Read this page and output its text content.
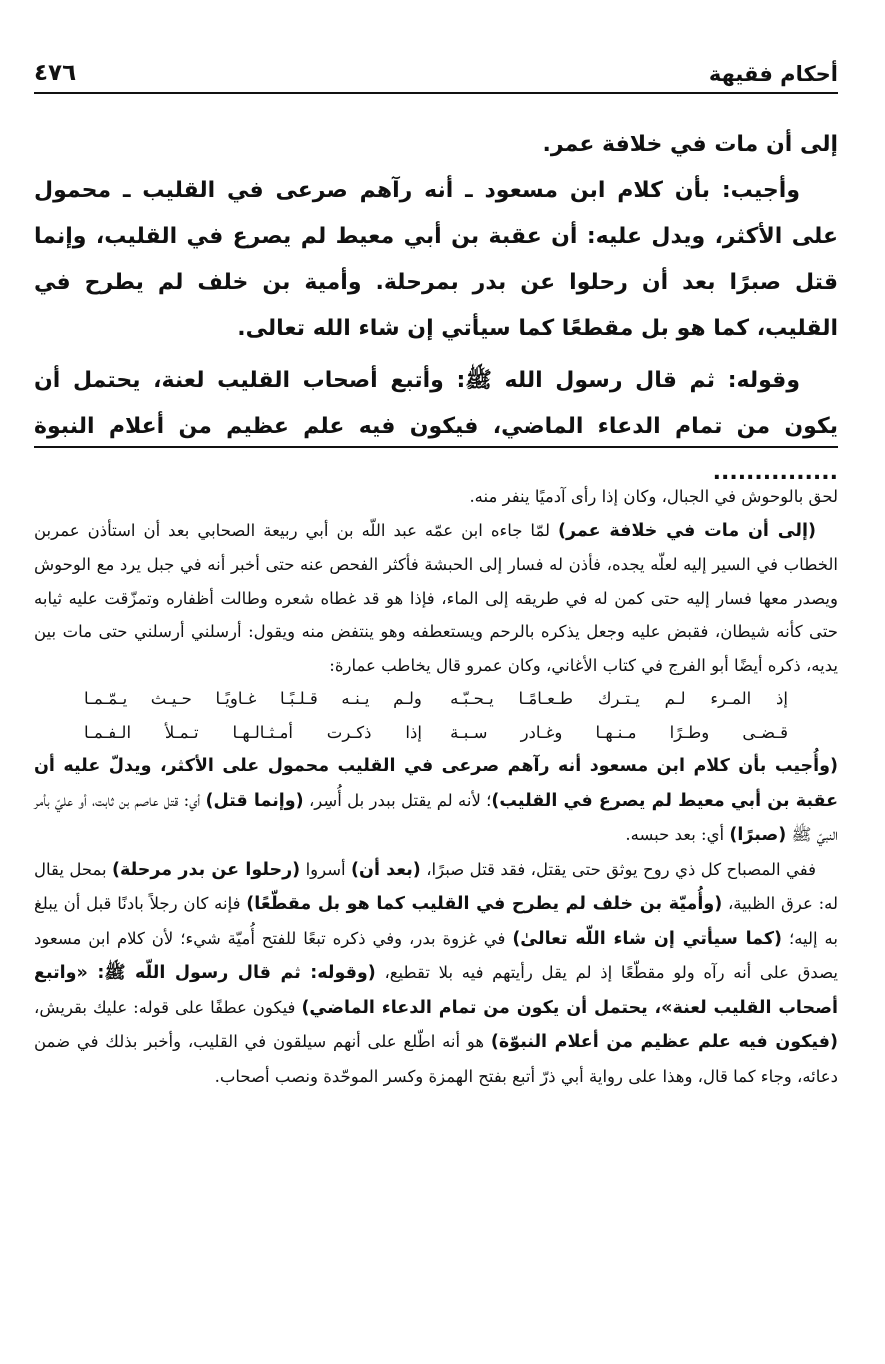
أحكام فقيهة
٤٧٦

إلى أن مات في خلافة عمر.

وأجيب: بأن كلام ابن مسعود ـ أنه رآهم صرعى في القليب ـ محمول على الأكثر، ويدل عليه: أن عقبة بن أبي معيط لم يصرع في القليب، وإنما قتل صبرًا بعد أن رحلوا عن بدر بمرحلة. وأمية بن خلف لم يطرح في القليب، كما هو بل مقطعًا كما سيأتي إن شاء الله تعالى.

وقوله: ثم قال رسول الله ﷺ: وأتبع أصحاب القليب لعنة، يحتمل أن يكون من تمام الدعاء الماضي، فيكون فيه علم عظيم من أعلام النبوة ...............

لحق بالوحوش في الجبال، وكان إذا رأى آدميًا ينفر منه.

(إلى أن مات في خلافة عمر) لمّا جاءه ابن عمّه عبد اللّه بن أبي ربيعة الصحابي بعد أن استأذن عمربن الخطاب في السير إليه لعلّه يجده، فأذن له فسار إلى الحبشة فأكثر الفحص عنه حتى أخبر أنه في جبل يرد مع الوحوش ويصدر معها فسار إليه حتى كمن له في طريقه إلى الماء، فإذا هو قد غطاه شعره وطالت أظفاره وتمزّقت عليه ثيابه حتى كأنه شيطان، فقبض عليه وجعل يذكره بالرحم ويستعطفه وهو ينتفض منه ويقول: أرسلني أرسلني حتى مات بين يديه، ذكره أيضًا أبو الفرج في كتاب الأغاني، وكان عمرو قال يخاطب عمارة:

إذ المـرء لـم يـتـرك طـعـامًـا يـحـبّـه
ولـم يـنـه قـلـبًـا غـاويًـا حـيـث يـمّـمـا
قـضـى وطـرًا مـنـهـا وغـادر سـبـة
إذا ذكـرت أمـثـالـهـا تـمـلأ الـفـمـا

(وأُجيب بأن كلام ابن مسعود أنه رآهم صرعى في القليب محمول على الأكثر، ويدلّ عليه أن عقبة بن أبي معيط لم يصرع في القليب)؛ لأنه لم يقتل ببدر بل أُسِر، (وإنما قتل) أي: قتل عاصم بن ثابت، أو عليّ بأمر النبيّ ﷺ (صبرًا) أي: بعد حبسه.

ففي المصباح كل ذي روح يوثق حتى يقتل، فقد قتل صبرًا، (بعد أن) أسروا (رحلوا عن بدر مرحلة) بمحل يقال له: عرق الظبية، (وأُميّة بن خلف لم يطرح في القليب كما هو بل مقطّعًا) فإنه كان رجلاً بادنًا قبل أن يبلغ به إليه؛ (كما سيأتي إن شاء اللّه تعالىٰ) في غزوة بدر، وفي ذكره تبعًا للفتح أُميّة شيء؛ لأن كلام ابن مسعود يصدق على أنه رآه ولو مقطّعًا إذ لم يقل رأيتهم فيه بلا تقطيع، (وقوله: ثم قال رسول اللّه ﷺ: «واتبع أصحاب القليب لعنة»، يحتمل أن يكون من تمام الدعاء الماضي) فيكون عطفًا على قوله: عليك بقريش، (فيكون فيه علم عظيم من أعلام النبوّة) هو أنه اطّلع على أنهم سيلقون في القليب، وأخبر بذلك في ضمن دعائه، وجاء كما قال، وهذا على رواية أبي ذرّ أتبع بفتح الهمزة وكسر الموحّدة ونصب أصحاب.
